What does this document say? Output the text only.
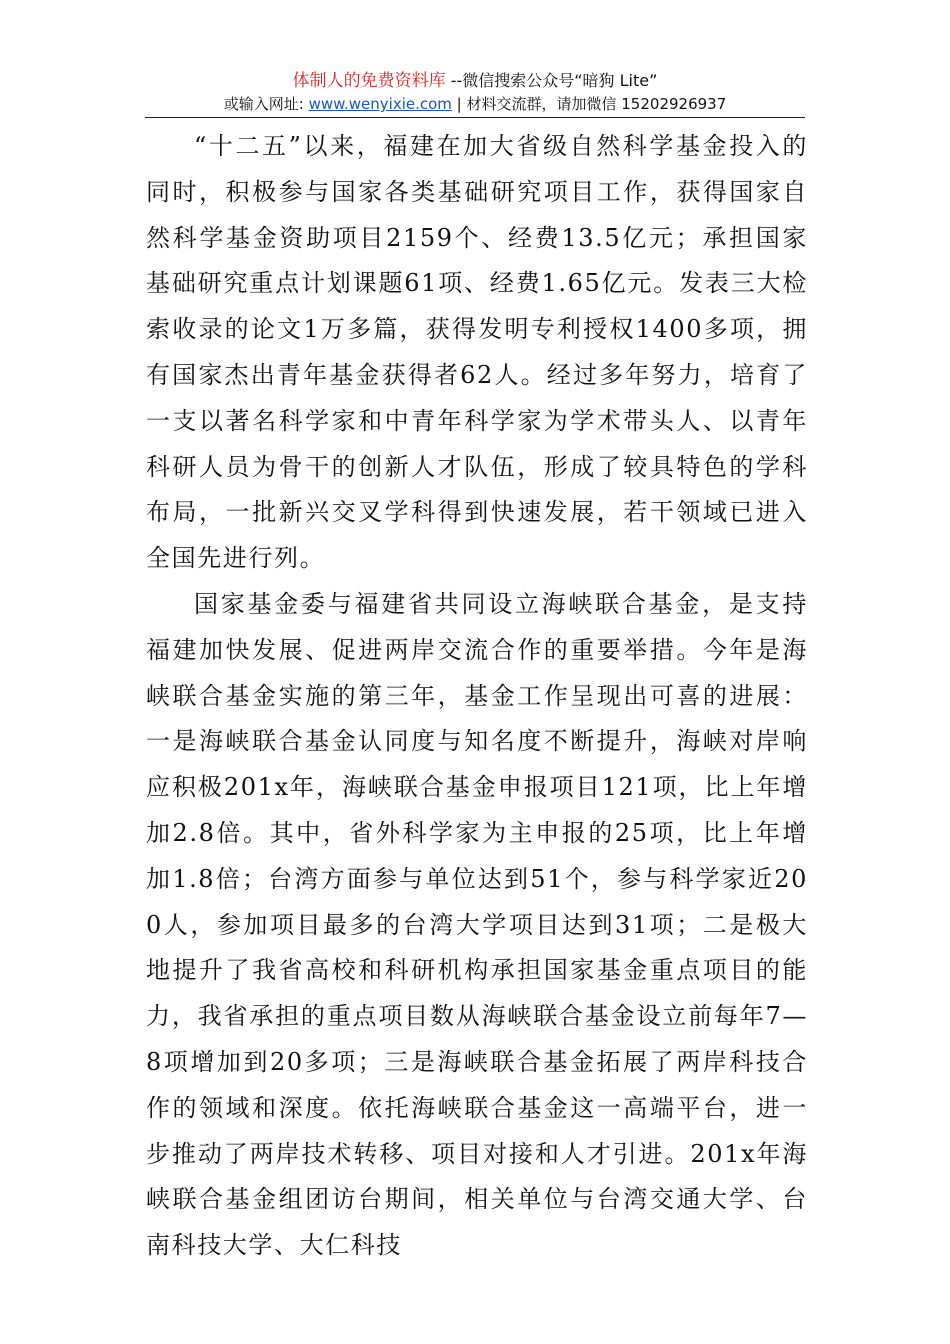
体制人的免费资料库 --微信搜索公众号“暗狗 Lite”
或输入网址: www.wenyixie.com | 材料交流群，请加微信 15202926937

“十二五”以来，福建在加大省级自然科学基金投入的同时，积极参与国家各类基础研究项目工作，获得国家自然科学基金资助项目2159个、经费13.5亿元；承担国家基础研究重点计划课题61项、经费1.65亿元。发表三大检索收录的论文1万多篇，获得发明专利授权1400多项，拥有国家杰出青年基金获得者62人。经过多年努力，培育了一支以著名科学家和中青年科学家为学术带头人、以青年科研人员为骨干的创新人才队伍，形成了较具特色的学科布局，一批新兴交叉学科得到快速发展，若干领域已进入全国先进行列。

国家基金委与福建省共同设立海峡联合基金，是支持福建加快发展、促进两岸交流合作的重要举措。今年是海峡联合基金实施的第三年，基金工作呈现出可喜的进展：一是海峡联合基金认同度与知名度不断提升，海峡对岸响应积极201x年，海峡联合基金申报项目121项，比上年增加2.8倍。其中，省外科学家为主申报的25项，比上年增加1.8倍；台湾方面参与单位达到51个，参与科学家近200人，参加项目最多的台湾大学项目达到31项；二是极大地提升了我省高校和科研机构承担国家基金重点项目的能力，我省承担的重点项目数从海峡联合基金设立前每年7—8项增加到20多项；三是海峡联合基金拓展了两岸科技合作的领域和深度。依托海峡联合基金这一高端平台，进一步推动了两岸技术转移、项目对接和人才引进。201x年海峡联合基金组团访台期间，相关单位与台湾交通大学、台南科技大学、大仁科技
